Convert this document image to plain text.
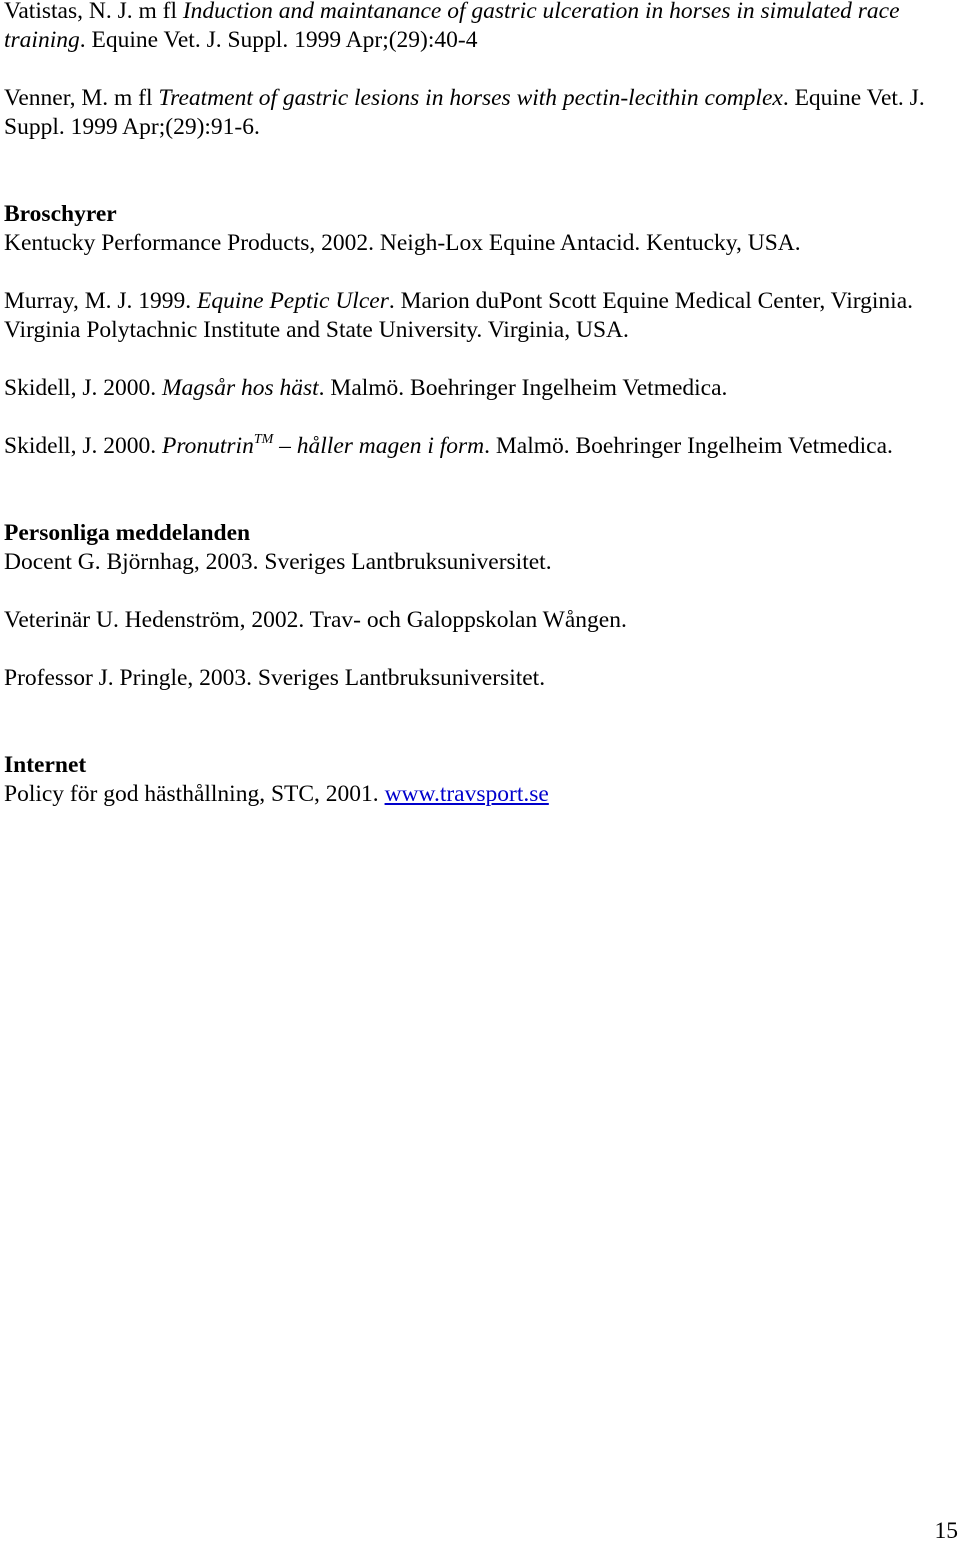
Vatistas, N. J. m fl Induction and maintanance of gastric ulceration in horses in simulated race training. Equine Vet. J. Suppl. 1999 Apr;(29):40-4

Venner, M. m fl Treatment of gastric lesions in horses with pectin-lecithin complex. Equine Vet. J. Suppl. 1999 Apr;(29):91-6.

Broschyrer
Kentucky Performance Products, 2002. Neigh-Lox Equine Antacid. Kentucky, USA.

Murray, M. J. 1999. Equine Peptic Ulcer. Marion duPont Scott Equine Medical Center, Virginia. Virginia Polytachnic Institute and State University. Virginia, USA.

Skidell, J. 2000. Magsår hos häst. Malmö. Boehringer Ingelheim Vetmedica.

Skidell, J. 2000. Pronutrin™ – håller magen i form. Malmö. Boehringer Ingelheim Vetmedica.

Personliga meddelanden
Docent G. Björnhag, 2003. Sveriges Lantbruksuniversitet.

Veterinär U. Hedenström, 2002. Trav- och Galoppskolan Wången.

Professor J. Pringle, 2003. Sveriges Lantbruksuniversitet.

Internet
Policy för god hästhållning, STC, 2001. www.travsport.se

15
